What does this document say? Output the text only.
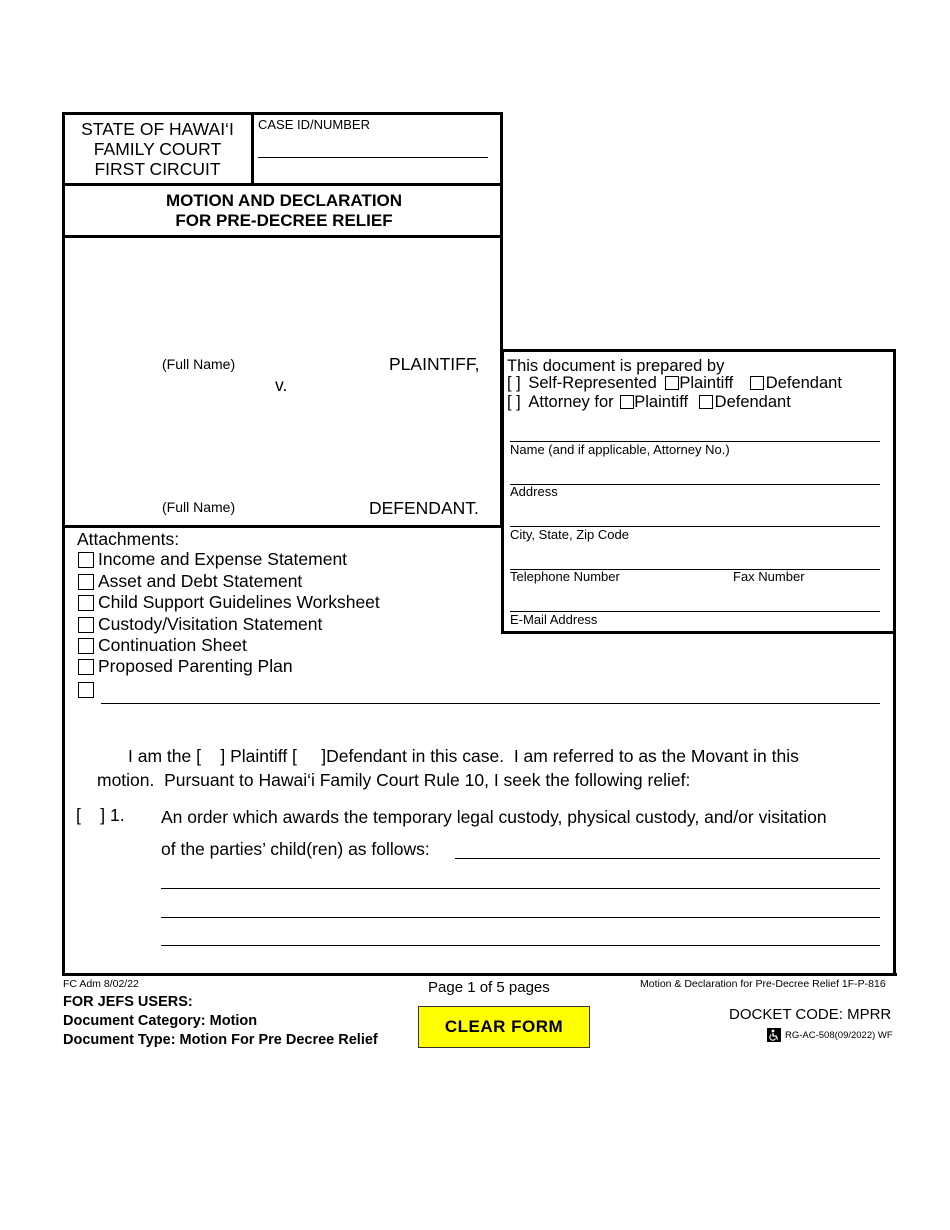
STATE OF HAWAI‘I
FAMILY COURT
FIRST CIRCUIT
CASE ID/NUMBER
MOTION AND DECLARATION
FOR PRE-DECREE RELIEF
(Full Name)	PLAINTIFF,
v.
(Full Name)	DEFENDANT.
This document is prepared by
[ ] Self-Represented Plaintiff Defendant
[ ] Attorney for Plaintiff Defendant
Name (and if applicable, Attorney No.)
Address
City, State, Zip Code
Telephone Number	Fax Number
E-Mail Address
Attachments:
Income and Expense Statement
Asset and Debt Statement
Child Support Guidelines Worksheet
Custody/Visitation Statement
Continuation Sheet
Proposed Parenting Plan
I am the [    ] Plaintiff [     ]Defendant in this case.  I am referred to as the Movant in this
motion.  Pursuant to Hawai‘i Family Court Rule 10, I seek the following relief:
[    ] 1. An order which awards the temporary legal custody, physical custody, and/or visitation
of the parties’ child(ren) as follows:
FC Adm 8/02/22	Page 1 of 5 pages	Motion & Declaration for Pre-Decree Relief 1F-P-816
FOR JEFS USERS:
Document Category: Motion
Document Type: Motion For Pre Decree Relief
CLEAR FORM
DOCKET CODE: MPRR
RG-AC-508(09/2022) WF
